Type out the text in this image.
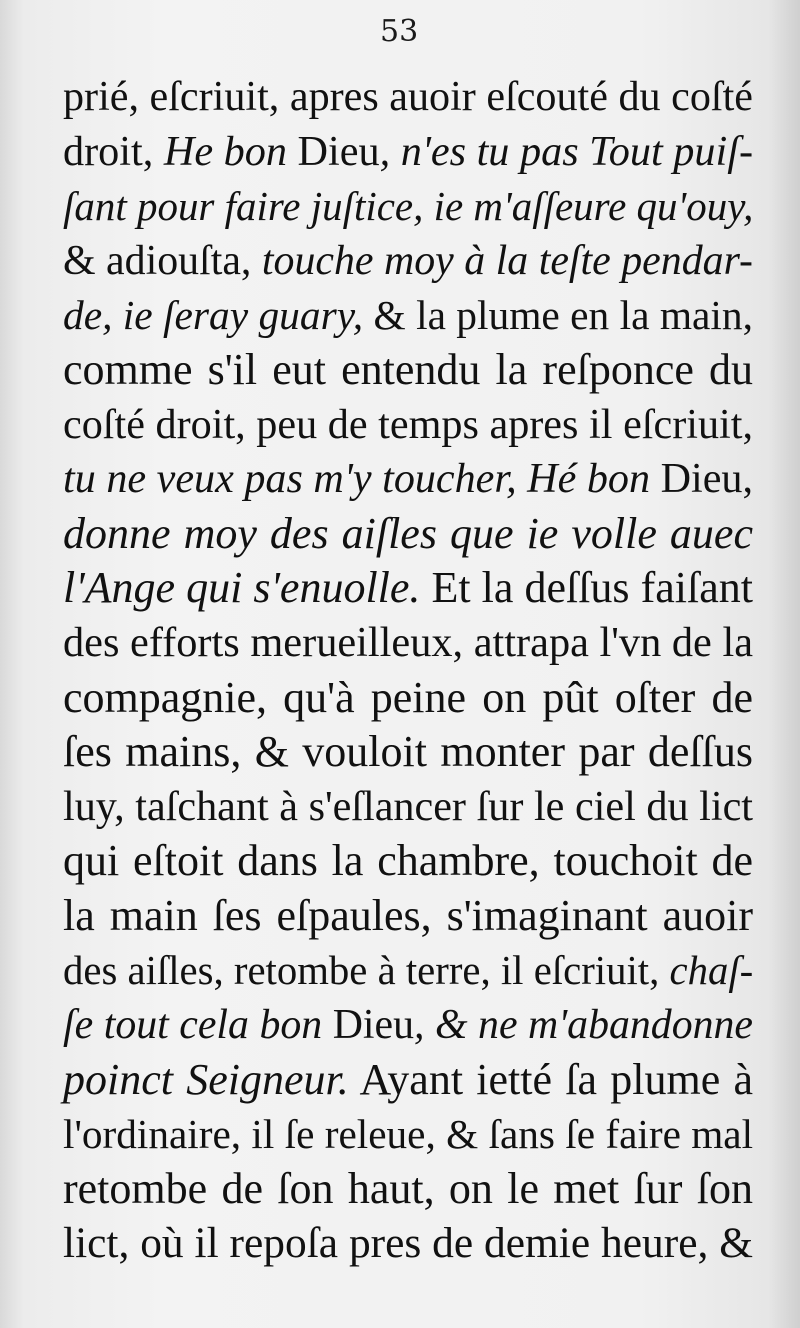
53
prié, eſcriuit, apres auoir eſcouté du coſté
droit, He bon Dieu, n'es tu pas Tout puiſ-
ſant pour faire juſtice, ie m'aſſeure qu'ouy,
& adiouſta, touche moy à la teſte pendar-
de, ie ſeray guary, & la plume en la main,
comme s'il eut entendu la reſponce du
coſté droit, peu de temps apres il eſcriuit,
tu ne veux pas m'y toucher, Hé bon Dieu,
donne moy des aiſles que ie volle auec
l'Ange qui s'enuolle. Et la deſſus faiſant
des efforts merueilleux, attrapa l'vn de la
compagnie, qu'à peine on pût oſter de
ſes mains, & vouloit monter par deſſus
luy, taſchant à s'eſlancer ſur le ciel du lict
qui eſtoit dans la chambre, touchoit de
la main ſes eſpaules, s'imaginant auoir
des aiſles, retombe à terre, il eſcriuit, chaſ-
ſe tout cela bon Dieu, & ne m'abandonne
poinct Seigneur. Ayant ietté ſa plume à
l'ordinaire, il ſe releue, & ſans ſe faire mal
retombe de ſon haut, on le met ſur ſon
lict, où il repoſa pres de demie heure, &
